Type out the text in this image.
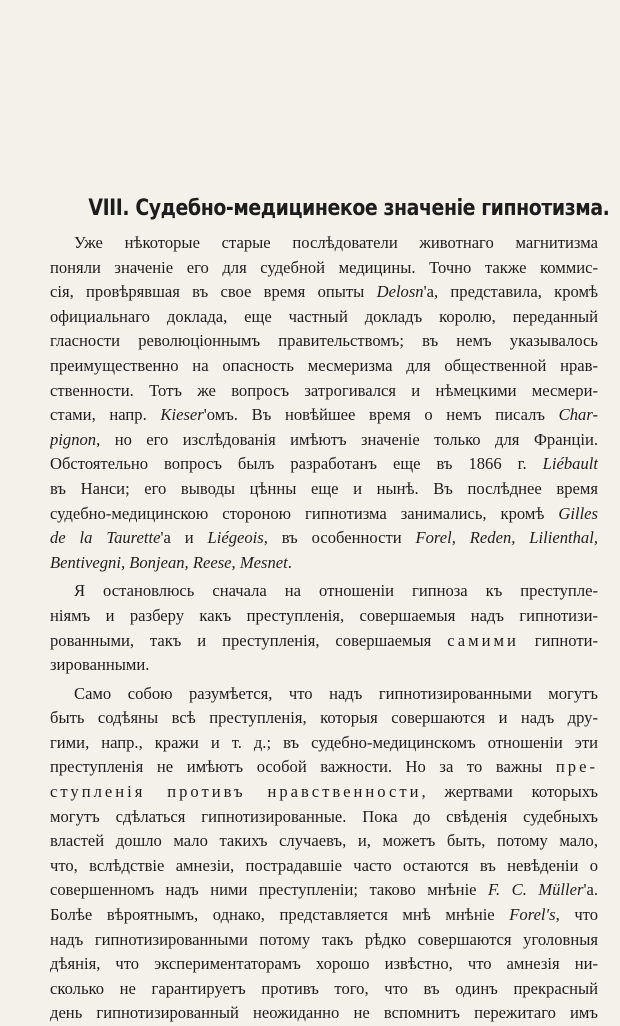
VIII. Судебно-медицинекое значенiе гипнотизма.
Уже нѣкоторые старые послѣдователи животнаго магнитизма
поняли значенiе его для судебной медицины. Точно также коммис-
сiя, провѣрявшая въ свое время опыты Delosn'а, представила, кромѣ
официальнаго доклада, еще частный докладъ королю, переданный
гласности революцiоннымъ правительствомъ; въ немъ указывалось
преимущественно на опасность месмеризма для общественной нрав-
ственности. Тотъ же вопросъ затрогивался и нѣмецкими месмери-
стами, напр. Kieser'омъ. Въ новѣйшее время о немъ писалъ Char-
pignon, но его изслѣдованiя имѣютъ значенiе только для Францiи.
Обстоятельно вопросъ былъ разработанъ еще въ 1866 г. Liébault
въ Нанси; его выводы цѣнны еще и нынѣ. Въ послѣднее время
судебно-медицинскою стороною гипнотизма занимались, кромѣ Gilles
de la Taurette'а и Liégeois, въ особенности Forel, Reden, Lilienthal,
Bentivegni, Bonjean, Reese, Mesnet.
Я остановлюсь сначала на отношенiи гипноза къ преступле-
нiямъ и разберу какъ преступленiя, совершаемыя надъ гипнотизи-
рованными, такъ и преступленiя, совершаемыя самими гипноти-
зированными.
Само собою разумѣется, что надъ гипнотизированными могутъ
быть содѣяны всѣ преступленiя, которыя совершаются и надъ дру-
гими, напр., кражи и т. д.; въ судебно-медицинскомъ отношенiи эти
преступленiя не имѣютъ особой важности. Но за то важны пре-
ступленiя противъ нравственности, жертвами которыхъ
могутъ сдѣлаться гипнотизированные. Пока до свѣденiя судебныхъ
властей дошло мало такихъ случаевъ, и, можетъ быть, потому мало,
что, вслѣдствiе амнезiи, пострадавшiе часто остаются въ невѣденiи о
совершенномъ надъ ними преступленiи; таково мнѣнiе F. C. Müller'а.
Болѣе вѣроятнымъ, однако, представляется мнѣ мнѣнiе Forel's, что
надъ гипнотизированными потому такъ рѣдко совершаются уголовныя
дѣянiя, что экспериментаторамъ хорошо извѣстно, что амнезiя ни-
сколько не гарантируетъ противъ того, что въ одинъ прекрасный
день гипнотизированный неожиданно не вспомнитъ пережитаго имъ
